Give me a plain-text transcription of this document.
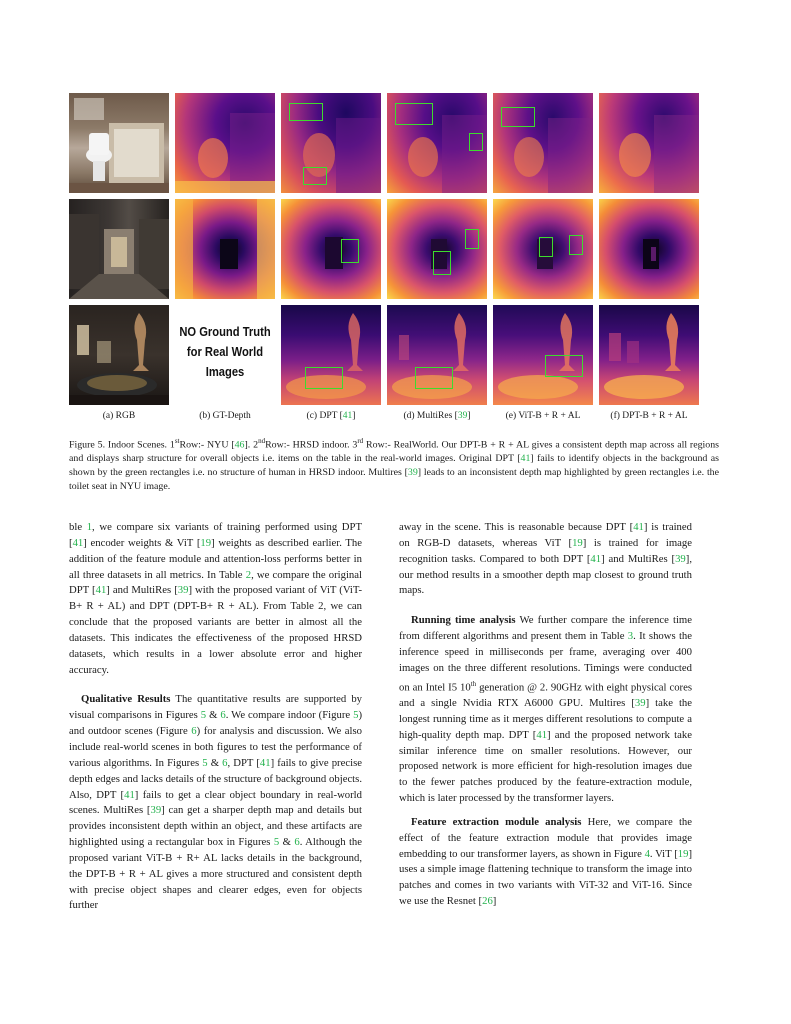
NO Ground Truth
for Real World
Images
(a) RGB	(b) GT-Depth	(c) DPT [41]	(d) MultiRes [39]	(e) ViT-B + R + AL	(f) DPT-B + R + AL
Figure 5. Indoor Scenes. 1stRow:- NYU [46]. 2ndRow:- HRSD indoor. 3rd Row:- RealWorld. Our DPT-B + R + AL gives a consistent depth map across all regions and displays sharp structure for overall objects i.e. items on the table in the real-world images. Original DPT [41] fails to identify objects in the background as shown by the green rectangles i.e. no structure of human in HRSD indoor. Multires [39] leads to an inconsistent depth map highlighted by green rectangles i.e. the toilet seat in NYU image.

ble 1, we compare six variants of training performed using DPT [41] encoder weights & ViT [19] weights as described earlier. The addition of the feature module and attention-loss performs better in all three datasets in all metrics. In Table 2, we compare the original DPT [41] and MultiRes [39] with the proposed variant of ViT (ViT-B+ R + AL) and DPT (DPT-B+ R + AL). From Table 2, we can conclude that the proposed variants are better in almost all the datasets. This indicates the effectiveness of the proposed HRSD datasets, which results in a lower absolute error and higher accuracy.

Qualitative Results The quantitative results are supported by visual comparisons in Figures 5 & 6. We compare indoor (Figure 5) and outdoor scenes (Figure 6) for analysis and discussion. We also include real-world scenes in both figures to test the performance of various algorithms. In Figures 5 & 6, DPT [41] fails to give precise depth edges and lacks details of the structure of background objects. Also, DPT [41] fails to get a clear object boundary in real-world scenes. MultiRes [39] can get a sharper depth map and details but provides inconsistent depth within an object, and these artifacts are highlighted using a rectangular box in Figures 5 & 6. Although the proposed variant ViT-B + R+ AL lacks details in the background, the DPT-B + R + AL gives a more structured and consistent depth with precise object shapes and clearer edges, even for objects further

away in the scene. This is reasonable because DPT [41] is trained on RGB-D datasets, whereas ViT [19] is trained for image recognition tasks. Compared to both DPT [41] and MultiRes [39], our method results in a smoother depth map closest to ground truth maps.

Running time analysis We further compare the inference time from different algorithms and present them in Table 3. It shows the inference speed in milliseconds per frame, averaging over 400 images on the three different resolutions. Timings were conducted on an Intel I5 10th generation @ 2. 90GHz with eight physical cores and a single Nvidia RTX A6000 GPU. Multires [39] take the longest running time as it merges different resolutions to compute a high-quality depth map. DPT [41] and the proposed network take similar inference time on smaller resolutions. However, our proposed network is more efficient for high-resolution images due to the fewer patches produced by the feature-extraction module, which is later processed by the transformer layers.

Feature extraction module analysis Here, we compare the effect of the feature extraction module that provides image embedding to our transformer layers, as shown in Figure 4. ViT [19] uses a simple image flattening technique to transform the image into patches and comes in two variants with ViT-32 and ViT-16. Since we use the Resnet [26]
